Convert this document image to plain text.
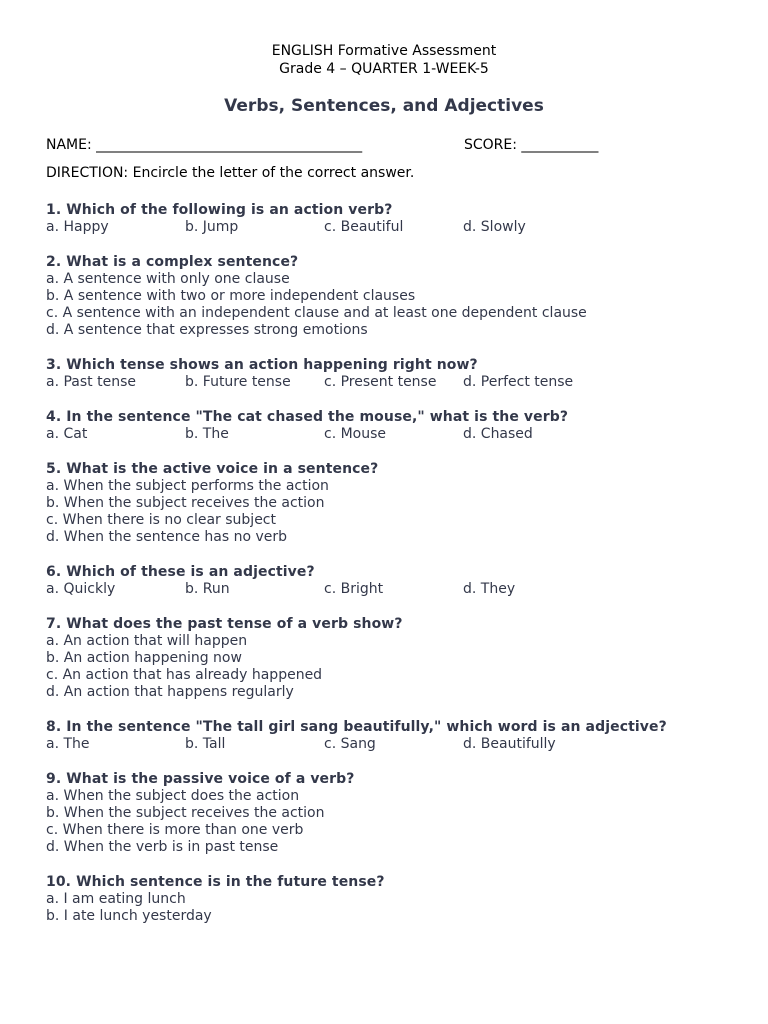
ENGLISH Formative Assessment
Grade 4 – QUARTER 1-WEEK-5
Verbs, Sentences, and Adjectives
NAME: ______________________________________	SCORE: ___________
DIRECTION: Encircle the letter of the correct answer.
1. Which of the following is an action verb?
a. Happy	b. Jump	c. Beautiful	d. Slowly
2. What is a complex sentence?
a. A sentence with only one clause
b. A sentence with two or more independent clauses
c. A sentence with an independent clause and at least one dependent clause
d. A sentence that expresses strong emotions
3. Which tense shows an action happening right now?
a. Past tense	b. Future tense	c. Present tense	d. Perfect tense
4. In the sentence "The cat chased the mouse," what is the verb?
a. Cat	b. The	c. Mouse	d. Chased
5. What is the active voice in a sentence?
a. When the subject performs the action
b. When the subject receives the action
c. When there is no clear subject
d. When the sentence has no verb
6. Which of these is an adjective?
a. Quickly	b. Run	c. Bright	d. They
7. What does the past tense of a verb show?
a. An action that will happen
b. An action happening now
c. An action that has already happened
d. An action that happens regularly
8. In the sentence "The tall girl sang beautifully," which word is an adjective?
a. The	b. Tall	c. Sang	d. Beautifully
9. What is the passive voice of a verb?
a. When the subject does the action
b. When the subject receives the action
c. When there is more than one verb
d. When the verb is in past tense
10. Which sentence is in the future tense?
a. I am eating lunch
b. I ate lunch yesterday
